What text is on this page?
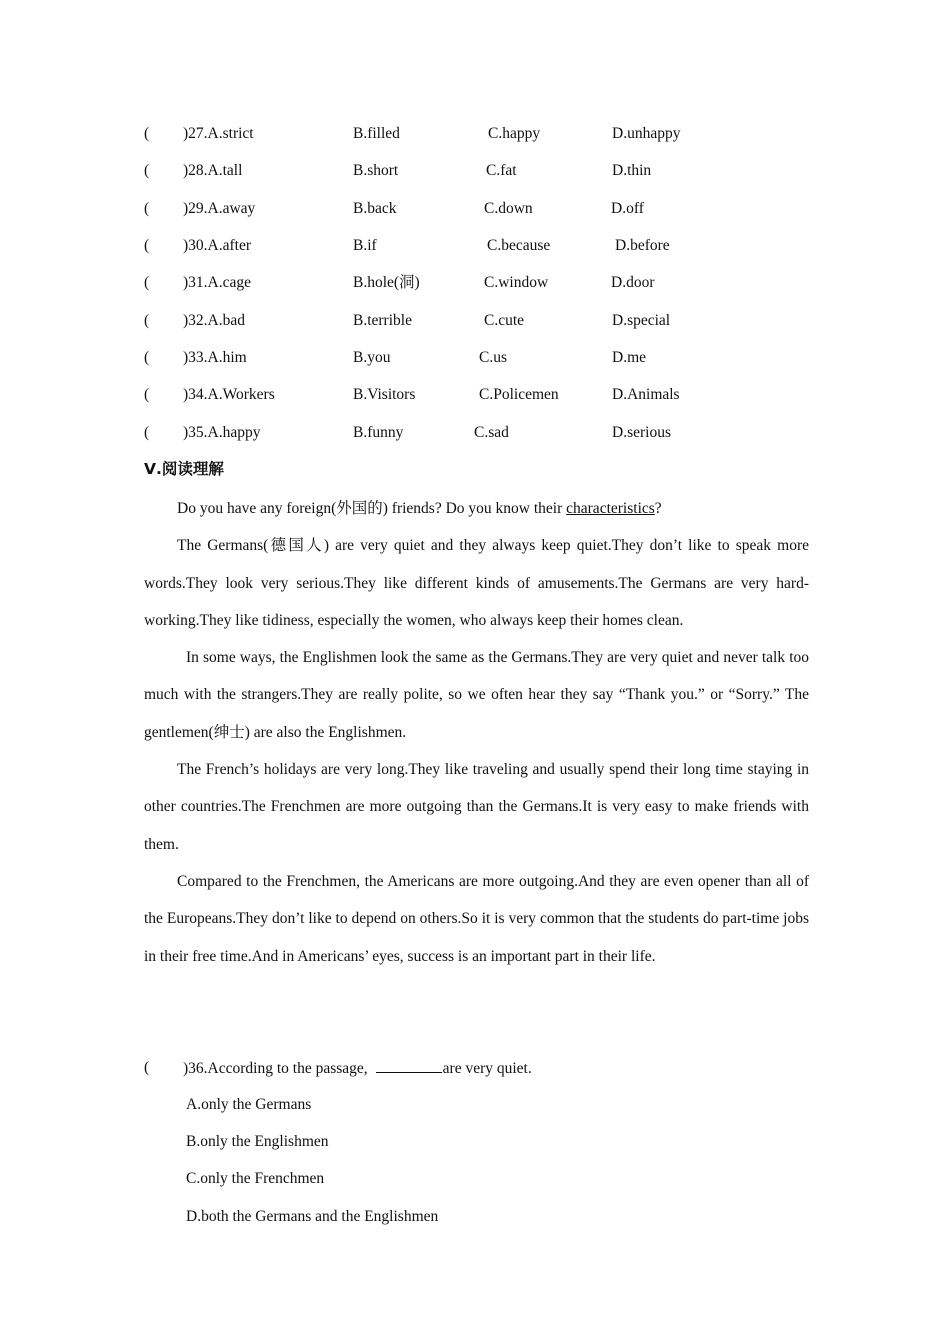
( )27.A.strict	B.filled	C.happy	D.unhappy
( )28.A.tall	B.short	C.fat	D.thin
( )29.A.away	B.back	C.down	D.off
( )30.A.after	B.if	C.because	D.before
( )31.A.cage	B.hole(洞)	C.window	D.door
( )32.A.bad	B.terrible	C.cute	D.special
( )33.A.him	B.you	C.us	D.me
( )34.A.Workers	B.Visitors	C.Policemen	D.Animals
( )35.A.happy	B.funny	C.sad	D.serious
Ⅴ.阅读理解

Do you have any foreign(外国的) friends? Do you know their characteristics?

The Germans(德国人) are very quiet and they always keep quiet.They don’t like to speak more words.They look very serious.They like different kinds of amusements.The Germans are very hard-working.They like tidiness, especially the women, who always keep their homes clean.

In some ways, the Englishmen look the same as the Germans.They are very quiet and never talk too much with the strangers.They are really polite, so we often hear they say “Thank you.” or “Sorry.” The gentlemen(绅士) are also the Englishmen.

The French’s holidays are very long.They like traveling and usually spend their long time staying in other countries.The Frenchmen are more outgoing than the Germans.It is very easy to make friends with them.

Compared to the Frenchmen, the Americans are more outgoing.And they are even opener than all of the Europeans.They don’t like to depend on others.So it is very common that the students do part-time jobs in their free time.And in Americans’ eyes, success is an important part in their life.

( )36.According to the passage,	are very quiet.
A.only the Germans
B.only the Englishmen
C.only the Frenchmen
D.both the Germans and the Englishmen
